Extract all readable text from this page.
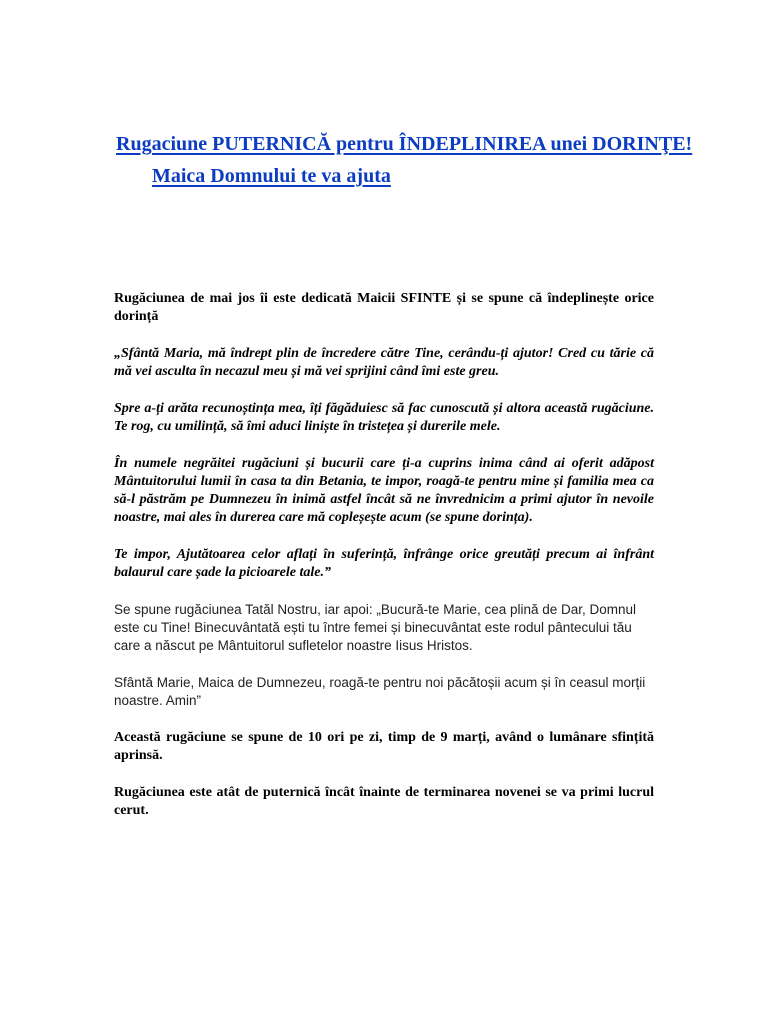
Rugaciune PUTERNICĂ pentru ÎNDEPLINIREA unei DORINŢE! Maica Domnului te va ajuta

Rugăciunea de mai jos îi este dedicată Maicii SFINTE și se spune că îndeplinește orice dorință

„Sfântă Maria, mă îndrept plin de încredere către Tine, cerându-ți ajutor! Cred cu tărie că mă vei asculta în necazul meu și mă vei sprijini când îmi este greu.

Spre a-ți arăta recunoștința mea, îți făgăduiesc să fac cunoscută și altora această rugăciune. Te rog, cu umilință, să îmi aduci liniște în tristețea și durerile mele.

În numele negrăitei rugăciuni și bucurii care ți-a cuprins inima când ai oferit adăpost Mântuitorului lumii în casa ta din Betania, te impor, roagă-te pentru mine și familia mea ca să-l păstrăm pe Dumnezeu în inimă astfel încât să ne învrednicim a primi ajutor în nevoile noastre, mai ales în durerea care mă copleșește acum (se spune dorința).

Te impor, Ajutătoarea celor aflați în suferință, înfrânge orice greutăți precum ai înfrânt balaurul care șade la picioarele tale.”

Se spune rugăciunea Tatăl Nostru, iar apoi: „Bucură-te Marie, cea plină de Dar, Domnul este cu Tine! Binecuvântată ești tu între femei și binecuvântat este rodul pântecului tău care a născut pe Mântuitorul sufletelor noastre Iisus Hristos.

Sfântă Marie, Maica de Dumnezeu, roagă-te pentru noi păcătoșii acum și în ceasul morții noastre. Amin”

Această rugăciune se spune de 10 ori pe zi, timp de 9 marți, având o lumânare sfințită aprinsă.

Rugăciunea este atât de puternică încât înainte de terminarea novenei se va primi lucrul cerut.
